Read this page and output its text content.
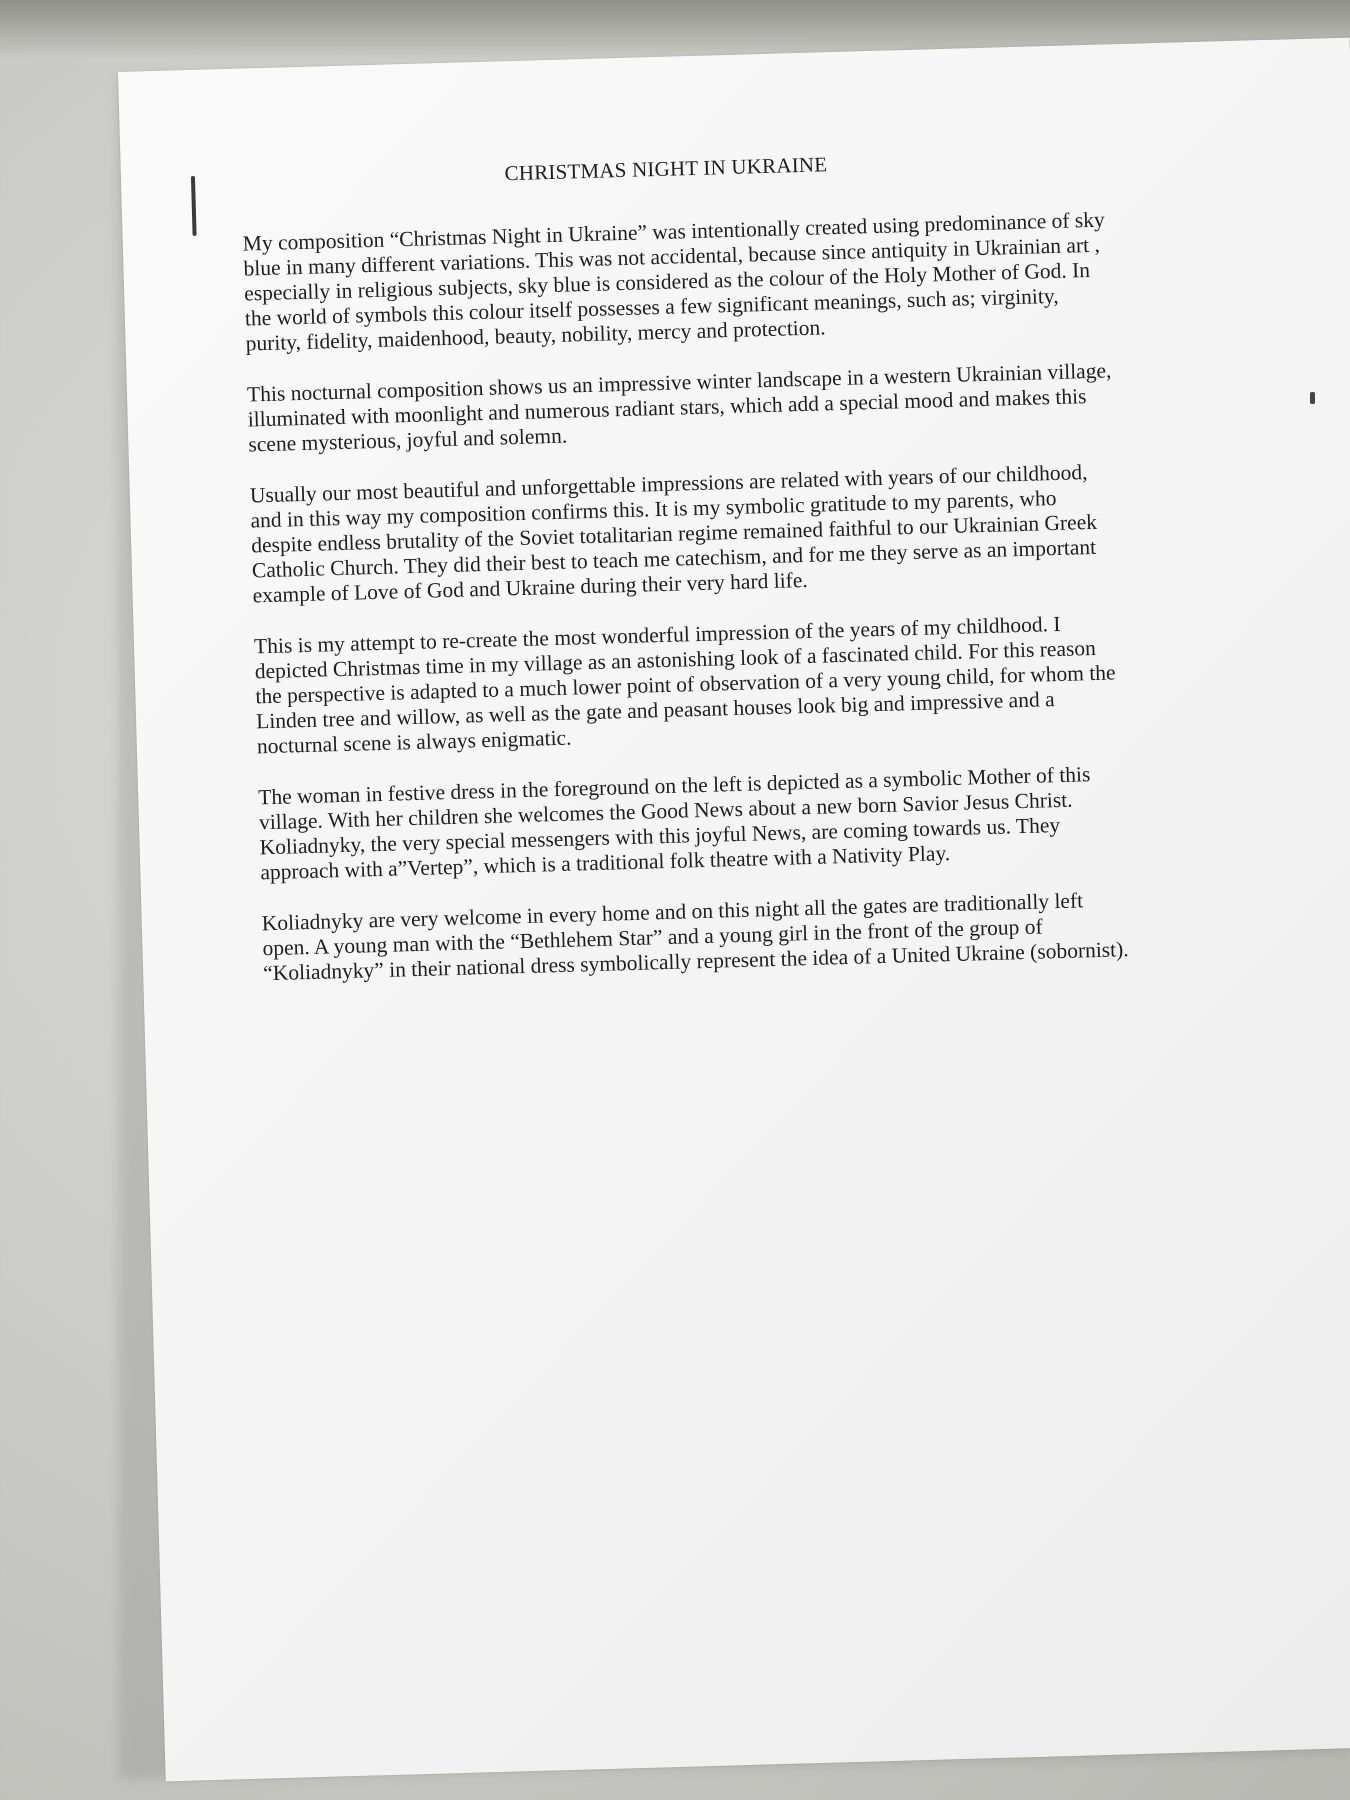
CHRISTMAS NIGHT IN UKRAINE

My composition “Christmas Night in Ukraine” was intentionally created using predominance of sky blue in many different variations. This was not accidental, because since antiquity in Ukrainian art , especially in religious subjects, sky blue is considered as the colour of the Holy Mother of God. In the world of symbols this colour itself possesses a few significant meanings, such as; virginity, purity, fidelity, maidenhood, beauty, nobility, mercy and protection.

This nocturnal composition shows us an impressive winter landscape in a western Ukrainian village, illuminated with moonlight and numerous radiant stars, which add a special mood and makes this scene mysterious, joyful and solemn.

Usually our most beautiful and unforgettable impressions are related with years of our childhood, and in this way my composition confirms this. It is my symbolic gratitude to my parents, who despite endless brutality of the Soviet totalitarian regime remained faithful to our Ukrainian Greek Catholic Church. They did their best to teach me catechism, and for me they serve as an important example of Love of God and Ukraine during their very hard life.

This is my attempt to re-create the most wonderful impression of the years of my childhood. I depicted Christmas time in my village as an astonishing look of a fascinated child. For this reason the perspective is adapted to a much lower point of observation of a very young child, for whom the Linden tree and willow, as well as the gate and peasant houses look big and impressive and a nocturnal scene is always enigmatic.

The woman in festive dress in the foreground on the left is depicted as a symbolic Mother of this village. With her children she welcomes the Good News about a new born Savior Jesus Christ. Koliadnyky, the very special messengers with this joyful News, are coming towards us. They approach with a”Vertep”, which is a traditional folk theatre with a Nativity Play.

Koliadnyky are very welcome in every home and on this night all the gates are traditionally left open. A young man with the “Bethlehem Star” and a young girl in the front of the group of “Koliadnyky” in their national dress symbolically represent the idea of a United Ukraine (sobornist).
